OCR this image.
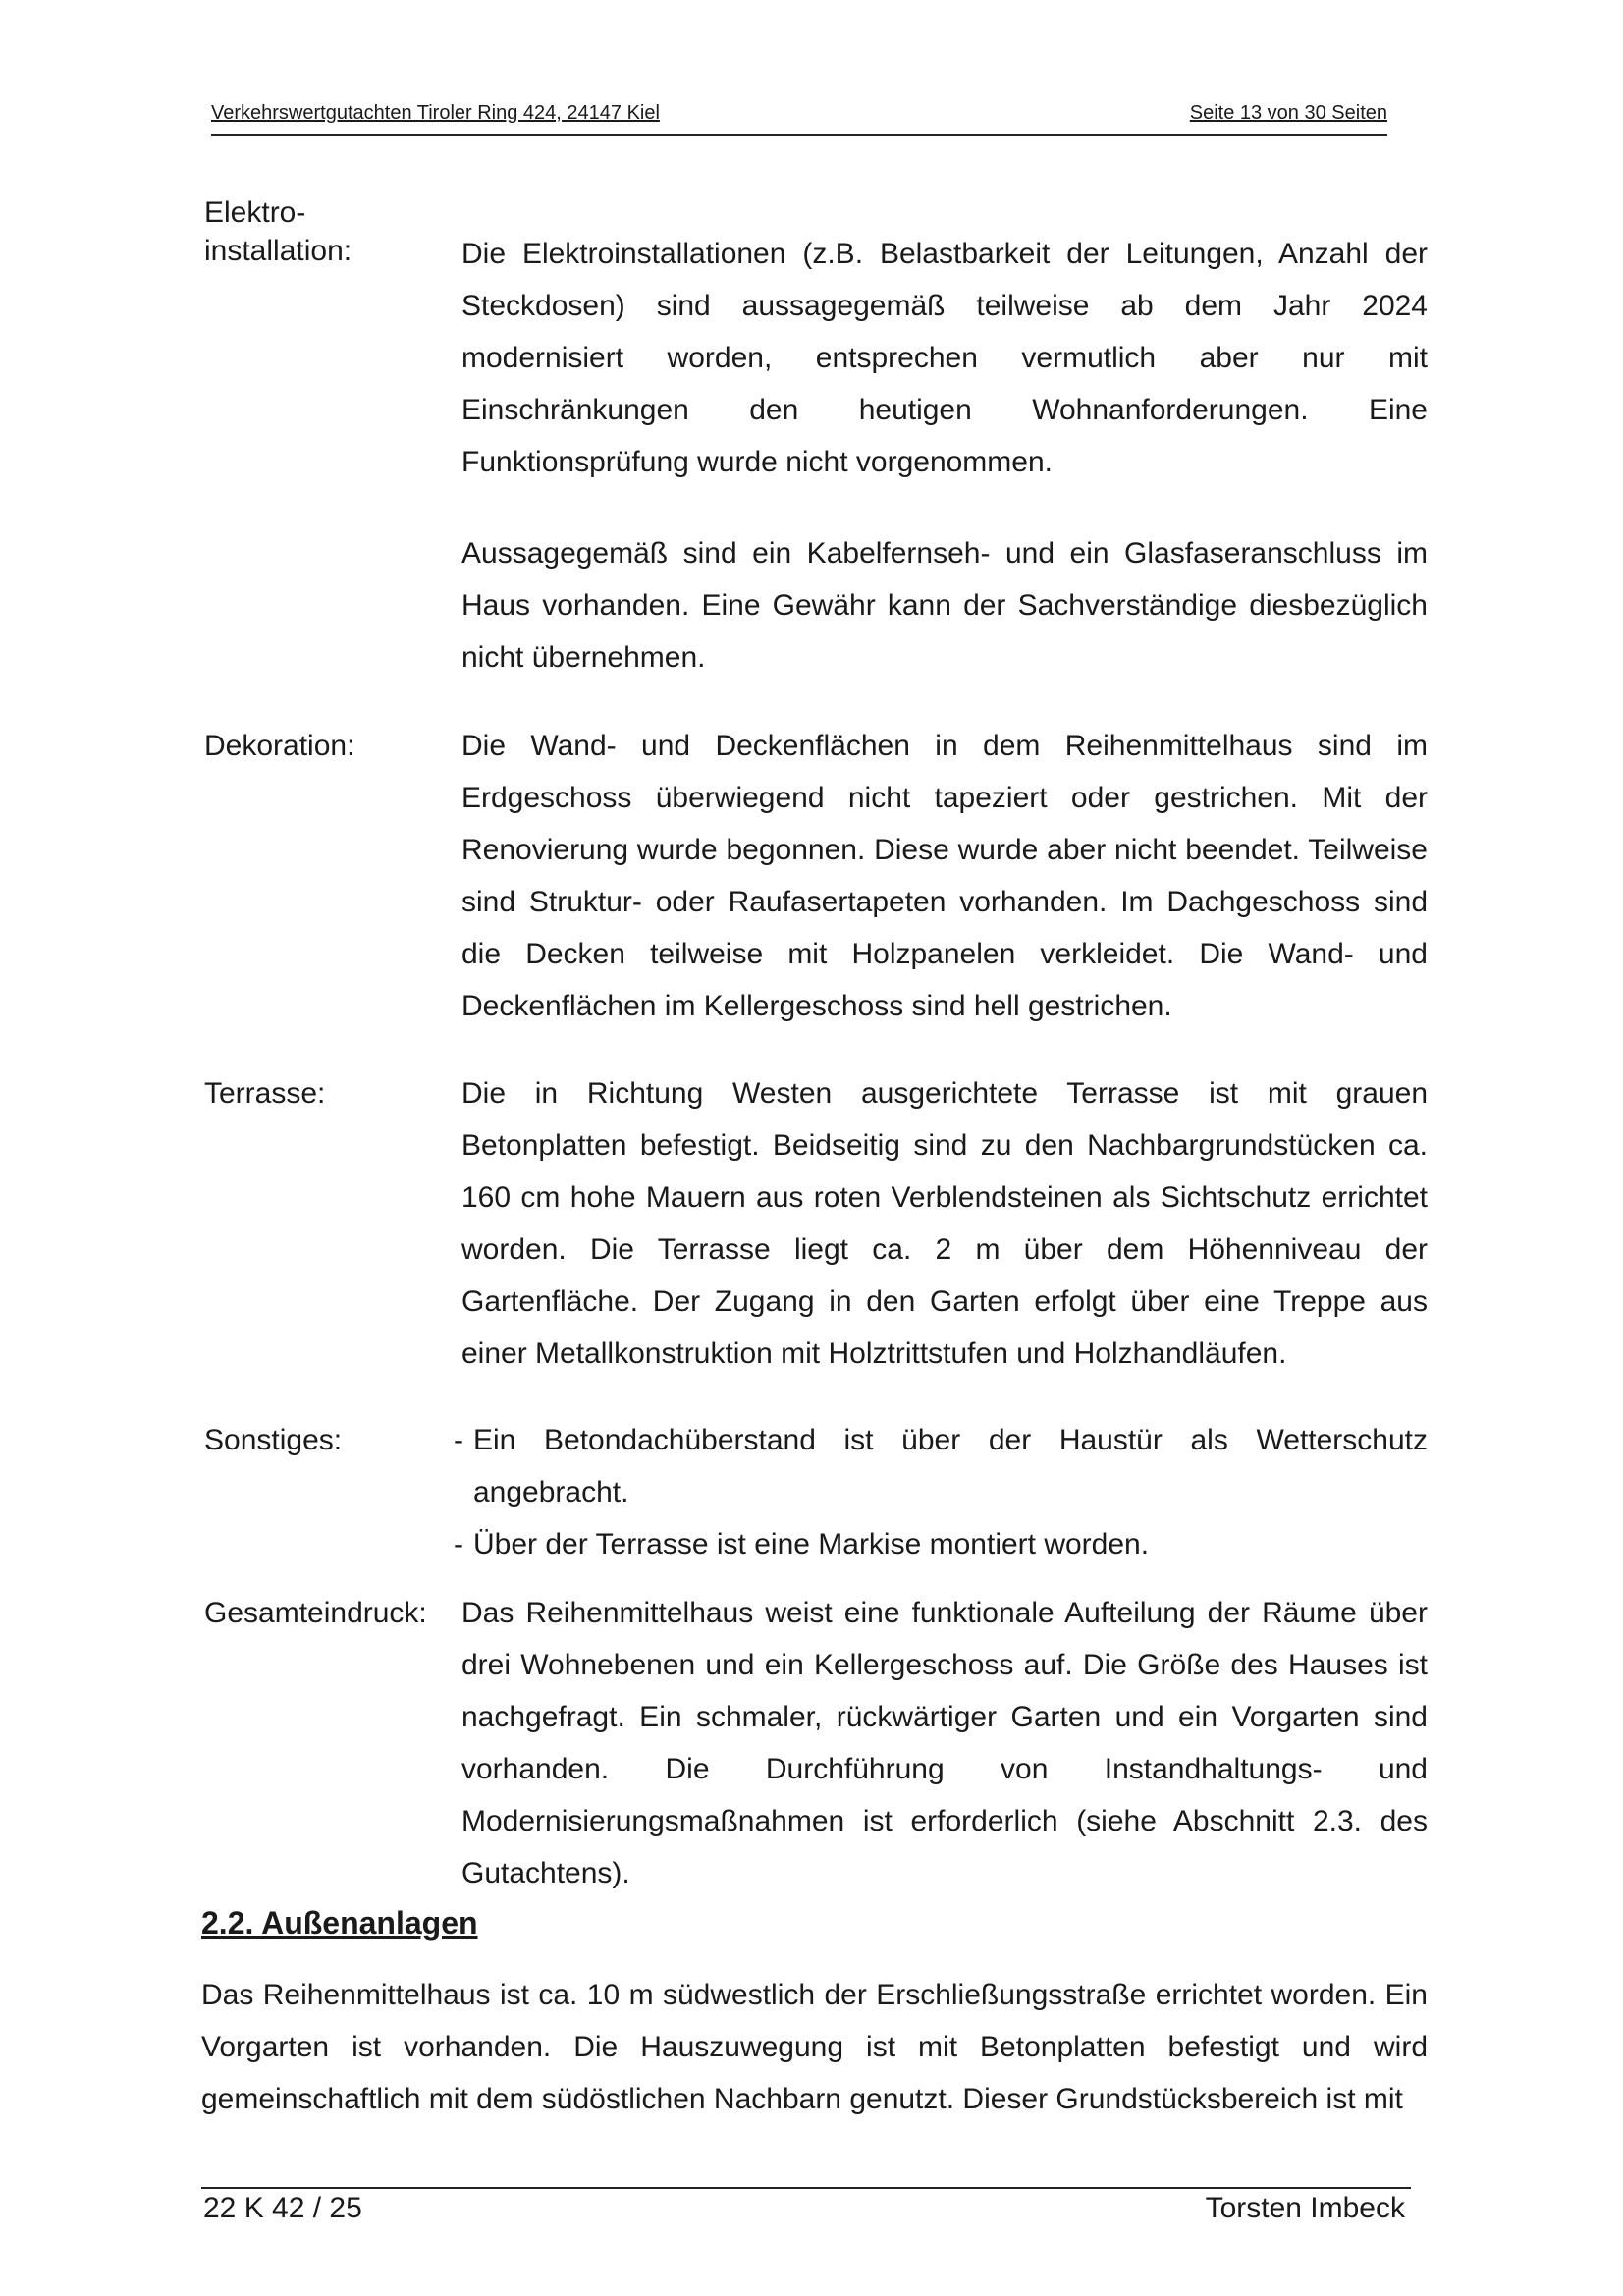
Verkehrswertgutachten Tiroler Ring 424, 24147 Kiel	Seite 13 von 30 Seiten
Elektro-
installation:	Die Elektroinstallationen (z.B. Belastbarkeit der Leitungen, Anzahl der Steckdosen) sind aussagegemäß teilweise ab dem Jahr 2024 modernisiert worden, entsprechen vermutlich aber nur mit Einschränkungen den heutigen Wohnanforderungen. Eine Funktionsprüfung wurde nicht vorgenommen.

Aussagegemäß sind ein Kabelfernseh- und ein Glasfaseranschluss im Haus vorhanden. Eine Gewähr kann der Sachverständige diesbezüglich nicht übernehmen.

Dekoration:	Die Wand- und Deckenflächen in dem Reihenmittelhaus sind im Erdgeschoss überwiegend nicht tapeziert oder gestrichen. Mit der Renovierung wurde begonnen. Diese wurde aber nicht beendet. Teilweise sind Struktur- oder Raufasertapeten vorhanden. Im Dachgeschoss sind die Decken teilweise mit Holzpanelen verkleidet. Die Wand- und Deckenflächen im Kellergeschoss sind hell gestrichen.

Terrasse:	Die in Richtung Westen ausgerichtete Terrasse ist mit grauen Betonplatten befestigt. Beidseitig sind zu den Nachbargrundstücken ca. 160 cm hohe Mauern aus roten Verblendsteinen als Sichtschutz errichtet worden. Die Terrasse liegt ca. 2 m über dem Höhenniveau der Gartenfläche. Der Zugang in den Garten erfolgt über eine Treppe aus einer Metallkonstruktion mit Holztrittstufen und Holzhandläufen.

Sonstiges:	- Ein Betondachüberstand ist über der Haustür als Wetterschutz angebracht.
- Über der Terrasse ist eine Markise montiert worden.
Gesamteindruck: Das Reihenmittelhaus weist eine funktionale Aufteilung der Räume über drei Wohnebenen und ein Kellergeschoss auf. Die Größe des Hauses ist nachgefragt. Ein schmaler, rückwärtiger Garten und ein Vorgarten sind vorhanden. Die Durchführung von Instandhaltungs- und Modernisierungsmaßnahmen ist erforderlich (siehe Abschnitt 2.3. des Gutachtens).

2.2. Außenanlagen
Das Reihenmittelhaus ist ca. 10 m südwestlich der Erschließungsstraße errichtet worden. Ein Vorgarten ist vorhanden. Die Hauszuwegung ist mit Betonplatten befestigt und wird gemeinschaftlich mit dem südöstlichen Nachbarn genutzt. Dieser Grundstücksbereich ist mit
22 K 42 / 25	Torsten Imbeck
